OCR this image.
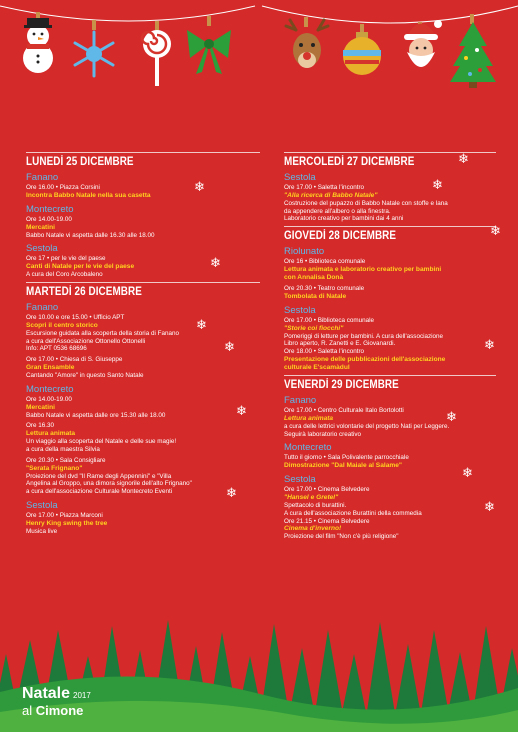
LUNEDÌ 25 DICEMBRE
Fanano
Ore 16.00 • Piazza Corsini
Incontra Babbo Natale nella sua casetta
Montecreto
Ore 14.00-19.00
Mercatini
Babbo Natale vi aspetta dalle 16.30 alle 18.00
Sestola
Ore 17 • per le vie del paese
Canti di Natale per le vie del paese
A cura del Coro Arcobaleno
MARTEDÌ 26 DICEMBRE
Fanano
Ore 10.00 e ore 15.00 • Ufficio APT
Scopri il centro storico
Escursione guidata alla scoperta della storia di Fanano
a cura dell'Associazione Ottonello Ottonelli
Info: APT 0536 68696
Ore 17.00 • Chiesa di S. Giuseppe
Gran Ensamble
Cantando "Amore" in questo Santo Natale
Montecreto
Ore 14.00-19.00
Mercatini
Babbo Natale vi aspetta dalle ore 15.30 alle 18.00
Ore 16.30
Lettura animata
Un viaggio alla scoperta del Natale e delle sue magie!
a cura della maestra Silvia
Ore 20.30 • Sala Consigliare
"Serata Frignano"
Proiezione del dvd "Il Rame degli Appennini" e "Villa
Angelina al Groppo, una dimora signorile dell'alto Frignano"
a cura dell'associazione Culturale Montecreto Eventi
Sestola
Ore 17.00 • Piazza Marconi
Henry King swing the tree
Musica live
MERCOLEDÌ 27 DICEMBRE
Sestola
Ore 17.00 • Saletta l'incontro
"Alla ricerca di Babbo Natale"
Costruzione del pupazzo di Babbo Natale con stoffe e lana
da appendere all'albero o alla finestra.
Laboratorio creativo per bambini dai 4 anni
GIOVEDÌ 28 DICEMBRE
Riolunato
Ore 16 • Biblioteca comunale
Lettura animata e laboratorio creativo per bambini
con Annalisa Donà
Ore 20.30 • Teatro comunale
Tombolata di Natale
Sestola
Ore 17.00 • Biblioteca comunale
"Storie coi fiocchi"
Pomeriggi di letture per bambini. A cura dell'associazione
Libro aperto, R. Zanetti e E. Giovanardi.
Ore 18.00 • Saletta l'incontro
Presentazione delle pubblicazioni dell'associazione
culturale E'scamàdul
VENERDÌ 29 DICEMBRE
Fanano
Ore 17.00 • Centro Culturale Italo Bortolotti
Lettura animata
a cura delle lettrici volontarie del progetto Nati per Leggere.
Seguirà laboratorio creativo
Montecreto
Tutto il giorno • Sala Polivalente parrocchiale
Dimostrazione "Dal Maiale al Salame"
Sestola
Ore 17.00 • Cinema Belvedere
"Hansel e Gretel"
Spettacolo di burattini.
A cura dell'associazione Burattini della commedia
Ore 21.15 • Cinema Belvedere
Cinema d'inverno!
Proiezione del film "Non c'è più religione"
❄
❄
❄
❄
❄
❄
❄
❄
❄
❄
❄
❄
❄
Natale 2017
al Cimone
